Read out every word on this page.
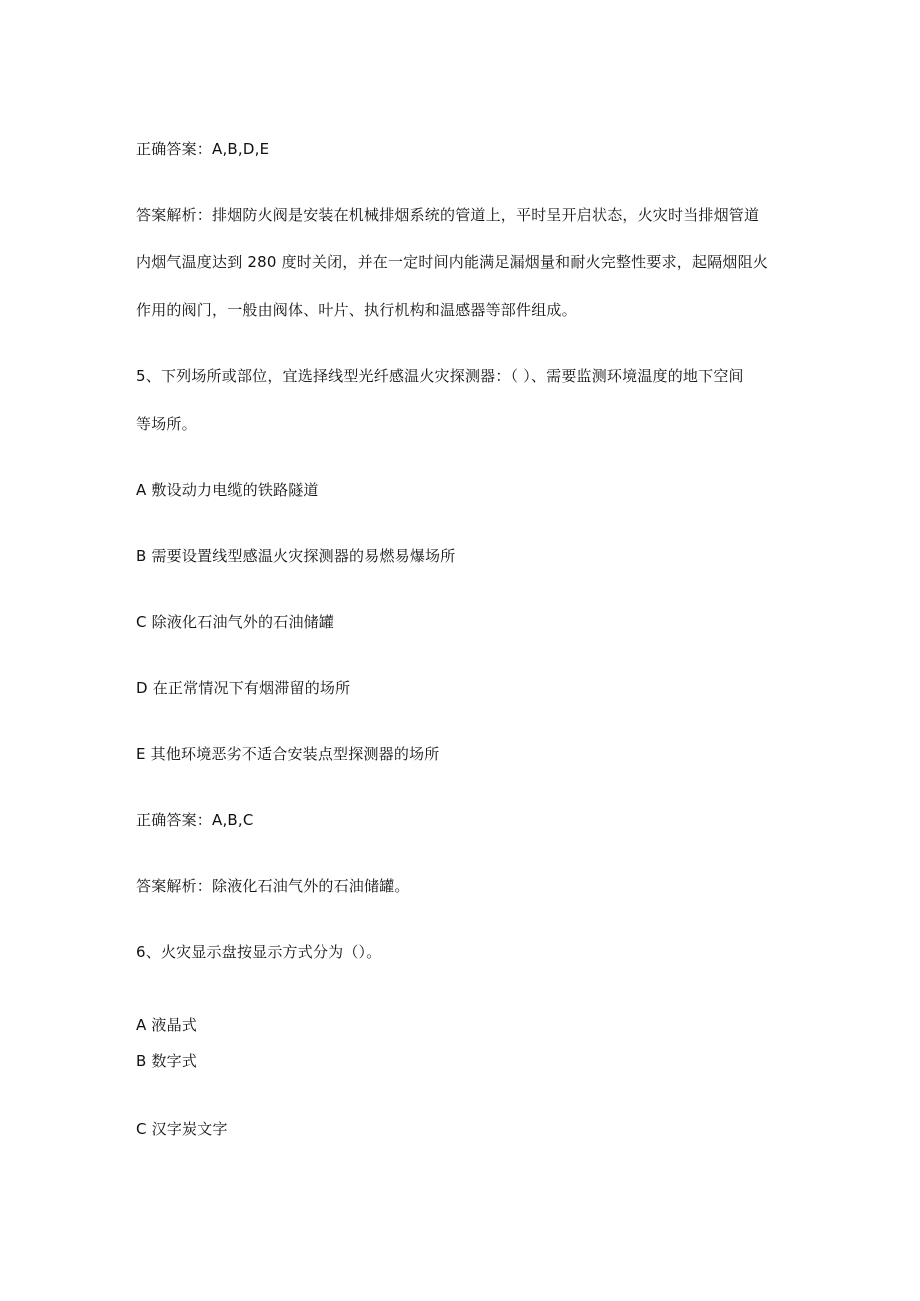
正确答案：A,B,D,E
答案解析：排烟防火阀是安装在机械排烟系统的管道上，平时呈开启状态，火灾时当排烟管道
内烟气温度达到 280 度时关闭，并在一定时间内能满足漏烟量和耐火完整性要求，起隔烟阻火
作用的阀门，一般由阀体、叶片、执行机构和温感器等部件组成。
5、下列场所或部位，宜选择线型光纤感温火灾探测器：（ ）、需要监测环境温度的地下空间
等场所。
A 敷设动力电缆的铁路隧道
B 需要设置线型感温火灾探测器的易燃易爆场所
C 除液化石油气外的石油储罐
D 在正常情况下有烟滞留的场所
E 其他环境恶劣不适合安装点型探测器的场所
正确答案：A,B,C
答案解析：除液化石油气外的石油储罐。
6、火灾显示盘按显示方式分为（）。
A 液晶式
B 数字式
C 汉字炭文字
